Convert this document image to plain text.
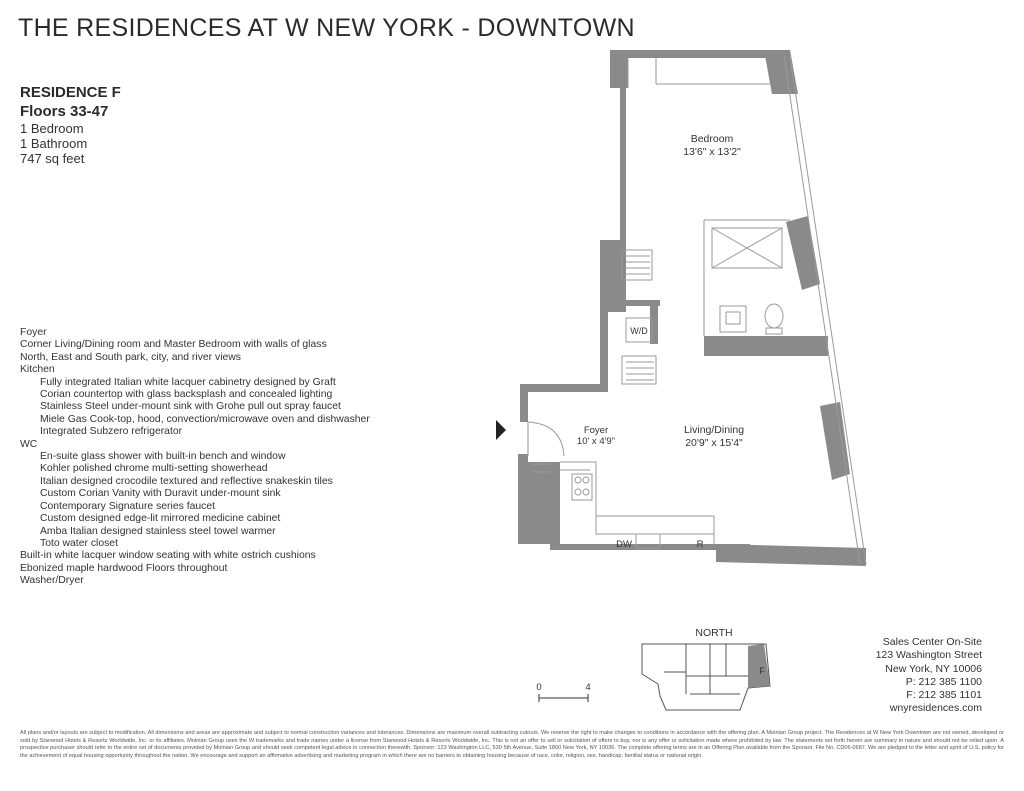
THE RESIDENCES AT W NEW YORK - DOWNTOWN
RESIDENCE F
Floors 33-47
1 Bedroom
1 Bathroom
747 sq feet
Foyer
Corner Living/Dining room and Master Bedroom with walls of glass
North, East and South park, city, and river views
Kitchen
Fully integrated Italian white lacquer cabinetry designed by Graft
Corian countertop with glass backsplash and concealed lighting
Stainless Steel under-mount sink with Grohe pull out spray faucet
Miele Gas Cook-top, hood, convection/microwave oven and dishwasher
Integrated Subzero refrigerator
WC
En-suite glass shower with built-in bench and window
Kohler polished chrome multi-setting showerhead
Italian designed crocodile textured and reflective snakeskin tiles
Custom Corian Vanity with Duravit under-mount sink
Contemporary Signature series faucet
Custom designed edge-lit mirrored medicine cabinet
Amba Italian designed stainless steel towel warmer
Toto water closet
Built-in white lacquer window seating with white ostrich cushions
Ebonized maple hardwood Floors throughout
Washer/Dryer
Bedroom
13'6" x 13'2"
Foyer
10' x 4'9"
Living/Dining
20'9" x 15'4"
W/D
DW	R
NORTH
F
0	4
Sales Center On-Site
123 Washington Street
New York, NY 10006
P: 212 385 1100
F: 212 385 1101
wnyresidences.com
All plans and/or layouts are subject to modification. All dimensions and areas are approximate and subject to normal construction variances and tolerances. Dimensions are maximum overall subtracting cutouts. We reserve the right to make changes to conditions in accordance with the offering plan. A Moinian Group project. The Residences at W New York Downtown are not owned, developed or sold by Starwood Hotels & Resorts Worldwide, Inc. or its affiliates. Moinian Group uses the W trademarks and trade names under a license from Starwood Hotels & Resorts Worldwide, Inc. This is not an offer to sell or solicitation of offers to buy, nor is any offer or solicitation made where prohibited by law. The statements set forth herein are summary in nature and should not be relied upon. A prospective purchaser should refer to the entire set of documents provided by Moinian Group and should seek competent legal advice in connection therewith. Sponsor: 123 Washington LLC, 530 5th Avenue, Suite 1800 New York, NY 10036. The complete offering terms are in an Offering Plan available from the Sponsor. File No. CD06-0687. We are pledged to the letter and spirit of U.S. policy for the achievement of equal housing opportunity throughout the nation. We encourage and support an affirmative advertising and marketing program in which there are no barriers to obtaining housing because of race, color, religion, sex, handicap, familial status or national origin.
